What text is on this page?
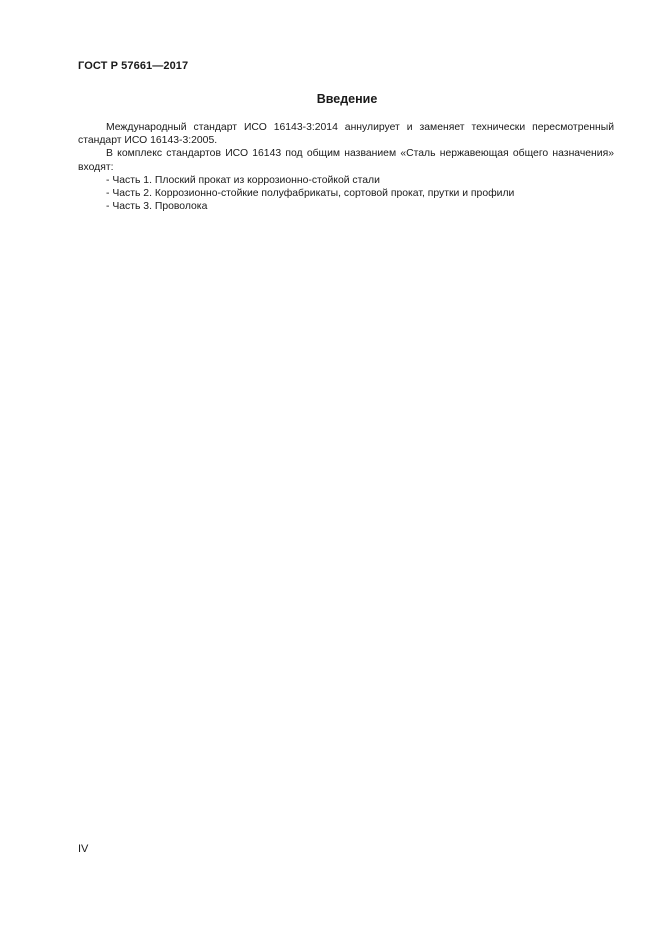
ГОСТ Р 57661—2017
Введение

Международный стандарт ИСО 16143-3:2014 аннулирует и заменяет технически пересмотренный стандарт ИСО 16143-3:2005.

В комплекс стандартов ИСО 16143 под общим названием «Сталь нержавеющая общего назначения» входят:

- Часть 1. Плоский прокат из коррозионно-стойкой стали
- Часть 2. Коррозионно-стойкие полуфабрикаты, сортовой прокат, прутки и профили
- Часть 3. Проволока
IV
